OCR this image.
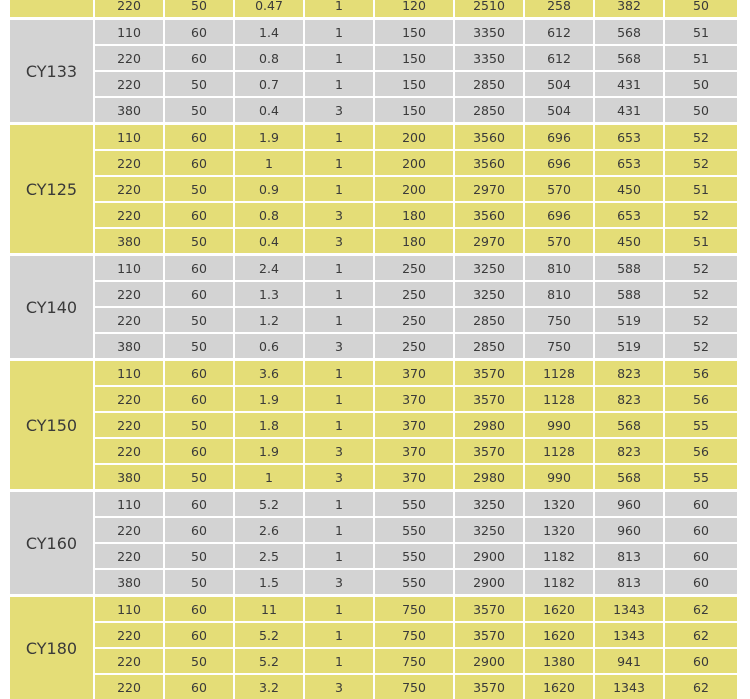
220	50	0.47	1	120	2510	258	382	50
CY133
110	60	1.4	1	150	3350	612	568	51
220	60	0.8	1	150	3350	612	568	51
220	50	0.7	1	150	2850	504	431	50
380	50	0.4	3	150	2850	504	431	50
CY125
110	60	1.9	1	200	3560	696	653	52
220	60	1	1	200	3560	696	653	52
220	50	0.9	1	200	2970	570	450	51
220	60	0.8	3	180	3560	696	653	52
380	50	0.4	3	180	2970	570	450	51
CY140
110	60	2.4	1	250	3250	810	588	52
220	60	1.3	1	250	3250	810	588	52
220	50	1.2	1	250	2850	750	519	52
380	50	0.6	3	250	2850	750	519	52
CY150
110	60	3.6	1	370	3570	1128	823	56
220	60	1.9	1	370	3570	1128	823	56
220	50	1.8	1	370	2980	990	568	55
220	60	1.9	3	370	3570	1128	823	56
380	50	1	3	370	2980	990	568	55
CY160
110	60	5.2	1	550	3250	1320	960	60
220	60	2.6	1	550	3250	1320	960	60
220	50	2.5	1	550	2900	1182	813	60
380	50	1.5	3	550	2900	1182	813	60
CY180
110	60	11	1	750	3570	1620	1343	62
220	60	5.2	1	750	3570	1620	1343	62
220	50	5.2	1	750	2900	1380	941	60
220	60	3.2	3	750	3570	1620	1343	62
